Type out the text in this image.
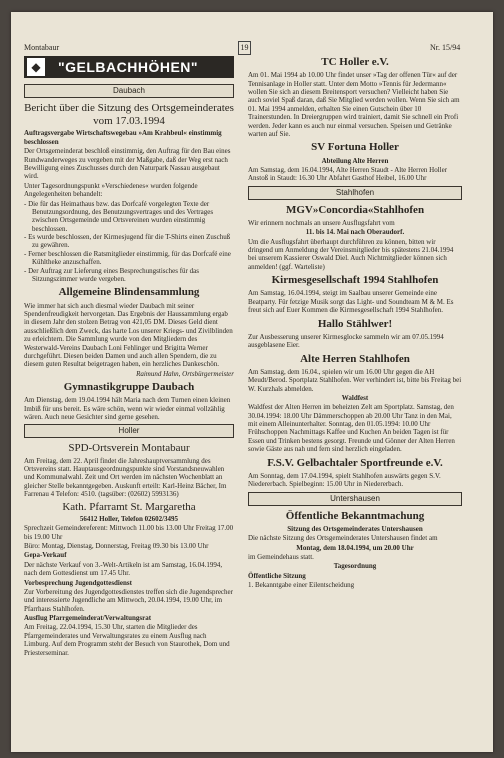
Montabaur	19	Nr. 15/94
◆	"GELBACHHÖHEN"
Daubach
Bericht über die Sitzung des Ortsgemeinderates vom 17.03.1994

Auftragsvergabe Wirtschaftswegebau »Am Krahbeul« einstimmig beschlossen

Der Ortsgemeinderat beschloß einstimmig, den Auftrag für den Bau eines Rundwanderweges zu vergeben mit der Maßgabe, daß der Weg erst nach Bewilligung eines Zuschusses durch den Naturpark Nassau ausgebaut wird.

Unter Tagesordnungspunkt »Verschiedenes« wurden folgende Angelegenheiten behandelt:

- Die für das Heimathaus bzw. das Dorfcafé vorgelegten Texte der Benutzungsordnung, des Benutzungsvertrages und des Vertrages zwischen Ortsgemeinde und Ortsvereinen wurden einstimmig beschlossen.
- Es wurde beschlossen, der Kirmesjugend für die T-Shirts einen Zuschuß zu gewähren.
- Ferner beschlossen die Ratsmitglieder einstimmig, für das Dorfcafé eine Kühltheke anzuschaffen.
- Der Auftrag zur Lieferung eines Besprechungstisches für das Sitzungszimmer wurde vergeben.
Allgemeine Blindensammlung

Wie immer hat sich auch diesmal wieder Daubach mit seiner Spendenfreudigkeit hervorgetan. Das Ergebnis der Haussammlung ergab in diesem Jahr den stolzen Betrag von 421,05 DM. Dieses Geld dient ausschließlich dem Zweck, das harte Los unserer Kriegs- und Zivilblinden zu erleichtern. Die Sammlung wurde von den Mitgliedern des Westerwald-Vereins Daubach Loni Fehlinger und Brigitta Werner durchgeführt. Diesen beiden Damen und auch allen Spendern, die zu diesem guten Resultat beigetragen haben, ein herzliches Dankeschön.

Raimund Hahn, Ortsbürgermeister

Gymnastikgruppe Daubach

Am Dienstag, dem 19.04.1994 hält Maria nach dem Turnen einen kleinen Imbiß für uns bereit. Es wäre schön, wenn wir wieder einmal vollzählig wären. Auch neue Gesichter sind gerne gesehen.

Holler
SPD-Ortsverein Montabaur

Am Freitag, dem 22. April findet die Jahreshauptversammlung des Ortsvereins statt. Hauptausgeordnungspunkte sind Vorstandsneuwahlen und Kommunalwahl. Zeit und Ort werden im nächsten Wochenblatt an gleicher Stelle bekanntgegeben. Auskunft erteilt: Karl-Heinz Bächer, Im Farrenau 4 Telefon: 4510. (tagsüber: (02602) 5993136)

Kath. Pfarramt St. Margaretha

56412 Holler, Telefon 02602/3495

Sprechzeit Gemeindereferent: Mittwoch 11.00 bis 13.00 Uhr Freitag 17.00 bis 19.00 Uhr

Büro: Montag, Dienstag, Donnerstag, Freitag 09.30 bis 13.00 Uhr

Gepa-Verkauf

Der nächste Verkauf von 3.-Welt-Artikeln ist am Samstag, 16.04.1994, nach dem Gottesdienst um 17.45 Uhr.

Vorbesprechung Jugendgottesdienst

Zur Vorbereitung des Jugendgottesdienstes treffen sich die Jugendsprecher und interessierte Jugendliche am Mittwoch, 20.04.1994, 19.00 Uhr, im Pfarrhaus Stahlhofen.

Ausflug Pfarrgemeinderat/Verwaltungsrat

Am Freitag, 22.04.1994, 15.30 Uhr, starten die Mitglieder des Pfarrgemeinderates und Verwaltungsrates zu einem Ausflug nach Limburg. Auf dem Programm steht der Besuch von Staurothek, Dom und Priesterseminar.

TC Holler e.V.

Am 01. Mai 1994 ab 10.00 Uhr findet unser »Tag der offenen Tür« auf der Tennisanlage in Holler statt. Unter dem Motto »Tennis für Jedermann« wollen Sie sich an diesem Breitensport versuchen? Vielleicht haben Sie auch soviel Spaß daran, daß Sie Mitglied werden wollen. Wenn Sie sich am 01. Mai 1994 anmelden, erhalten Sie einen Gutschein über 10 Trainerstunden. In Dreiergruppen wird trainiert, damit Sie schnell ein Profi werden. Jeder kann es auch nur einmal versuchen. Speisen und Getränke warten auf Sie.

SV Fortuna Holler

Abteilung Alte Herren

Am Samstag, dem 16.04.1994, Alte Herren Staudt - Alte Herren Holler Anstoß in Staudt: 16.30 Uhr Abfahrt Gasthof Heibel, 16.00 Uhr

Stahlhofen
MGV»Concordia«Stahlhofen

Wir erinnern nochmals an unsere Ausflugsfahrt vom

11. bis 14. Mai nach Oberaudorf.

Um die Ausflugsfahrt überhaupt durchführen zu können, bitten wir dringend um Anmeldung der Vereinsmitglieder bis spätestens 21.04.1994 bei unserem Kassierer Oswald Diel. Auch Nichtmitglieder können sich anmelden! (ggf. Warteliste)

Kirmesgesellschaft 1994 Stahlhofen

Am Samstag, 16.04.1994, steigt im Saalbau unserer Gemeinde eine Beatparty. Für fetzige Musik sorgt das Light- und Soundteam M & M. Es freut sich auf Euer Kommen die Kirmesgesellschaft 1994 Stahlhofen.

Hallo Stählwer!

Zur Ausbesserung unserer Kirmesglocke sammeln wir am 07.05.1994 ausgeblasene Eier.

Alte Herren Stahlhofen

Am Samstag, dem 16.04., spielen wir um 16.00 Uhr gegen die AH Meudt/Berod. Sportplatz Stahlhofen. Wer verhindert ist, bitte bis Freitag bei W. Kurzhals abmelden.

Waldfest

Waldfest der Alten Herren im beheizten Zelt am Sportplatz. Samstag, den 30.04.1994: 18.00 Uhr Dämmerschoppen ab 20.00 Uhr Tanz in den Mai, mit einem Alleinunterhalter. Sonntag, den 01.05.1994: 10.00 Uhr Frühschoppen Nachmittags Kaffee und Kuchen An beiden Tagen ist für Essen und Trinken bestens gesorgt. Freunde und Gönner der Alten Herren sowie Gäste aus nah und fern sind herzlich eingeladen.

F.S.V. Gelbachtaler Sportfreunde e.V.

Am Sonntag, dem 17.04.1994, spielt Stahlhofen auswärts gegen S.V. Niedererbach. Spielbeginn: 15.00 Uhr in Niedererbach.

Untershausen
Öffentliche Bekanntmachung

Sitzung des Ortsgemeinderates Untershausen

Die nächste Sitzung des Ortsgemeinderates Untershausen findet am

Montag, dem 18.04.1994, um 20.00 Uhr

im Gemeindehaus statt.

Tagesordnung

Öffentliche Sitzung

1. Bekanntgabe einer Eilentscheidung
